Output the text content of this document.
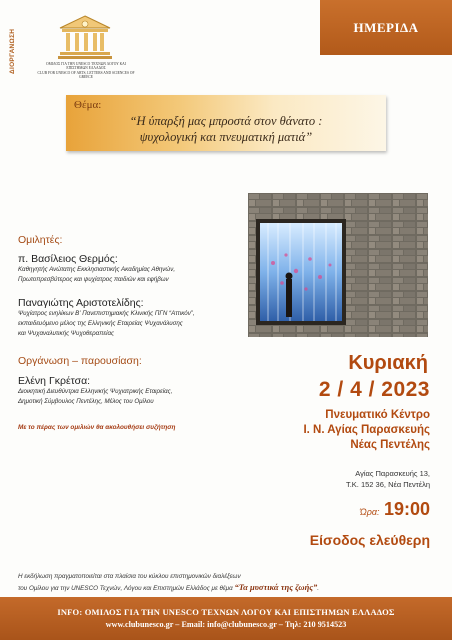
ΔΙΟΡΓΑΝΩΣΗ	ΟΜΙΛΟΣ ΓΙΑ ΤΗΝ UNESCO ΤΕΧΝΩΝ ΛΟΓΟΥ ΚΑΙ ΕΠΙΣΤΗΜΩΝ ΕΛΛΑΔΟΣ
CLUB FOR UNESCO OF ARTS, LETTERS AND SCIENCES OF GREECE
ΗΜΕΡΙΔΑ
Θέμα:
“Η ύπαρξή μας μπροστά στον θάνατο :
ψυχολογική και πνευματική ματιά”
Ομιλητές:
π. Βασίλειος Θερμός:
Καθηγητής Ανώτατης Εκκλησιαστικής Ακαδημίας Αθηνών,
Πρωτοπρεσβύτερος και ψυχίατρος παιδιών και εφήβων
Παναγιώτης Αριστοτελίδης:
Ψυχίατρος ενηλίκων Β' Πανεπιστημιακής Κλινικής ΠΓΝ “Αττικόν”,
εκπαιδευόμενο μέλος της Ελληνικής Εταιρείας Ψυχανάλυσης
και Ψυχαναλυτικής Ψυχοθεραπείας
Οργάνωση – παρουσίαση:
Ελένη Γκρέτσα:
Διοικητική Διευθύντρια Ελληνικής Ψυχιατρικής Εταιρείας,
Δημοτική Σύμβουλος Πεντέλης, Μέλος του Ομίλου
Με το πέρας των ομιλιών θα ακολουθήσει συζήτηση
Κυριακή
2 / 4 / 2023
Πνευματικό Κέντρο
Ι. Ν. Αγίας Παρασκευής
Νέας Πεντέλης
Αγίας Παρασκευής 13,
Τ.Κ. 152 36, Νέα Πεντέλη
Ώρα: 19:00
Είσοδος ελεύθερη
Η εκδήλωση πραγματοποιείται στα πλαίσια του κύκλου επιστημονικών διαλέξεων
του Ομίλου για την UNESCO Τεχνών, Λόγου και Επιστημών Ελλάδος με θέμα “Τα μυστικά της ζωής”.
INFO: ΟΜΙΛΟΣ ΓΙΑ ΤΗΝ UNESCO ΤΕΧΝΩΝ ΛΟΓΟΥ ΚΑΙ ΕΠΙΣΤΗΜΩΝ ΕΛΛΑΔΟΣ
www.clubunesco.gr – Email: info@clubunesco.gr – Τηλ: 210 9514523
